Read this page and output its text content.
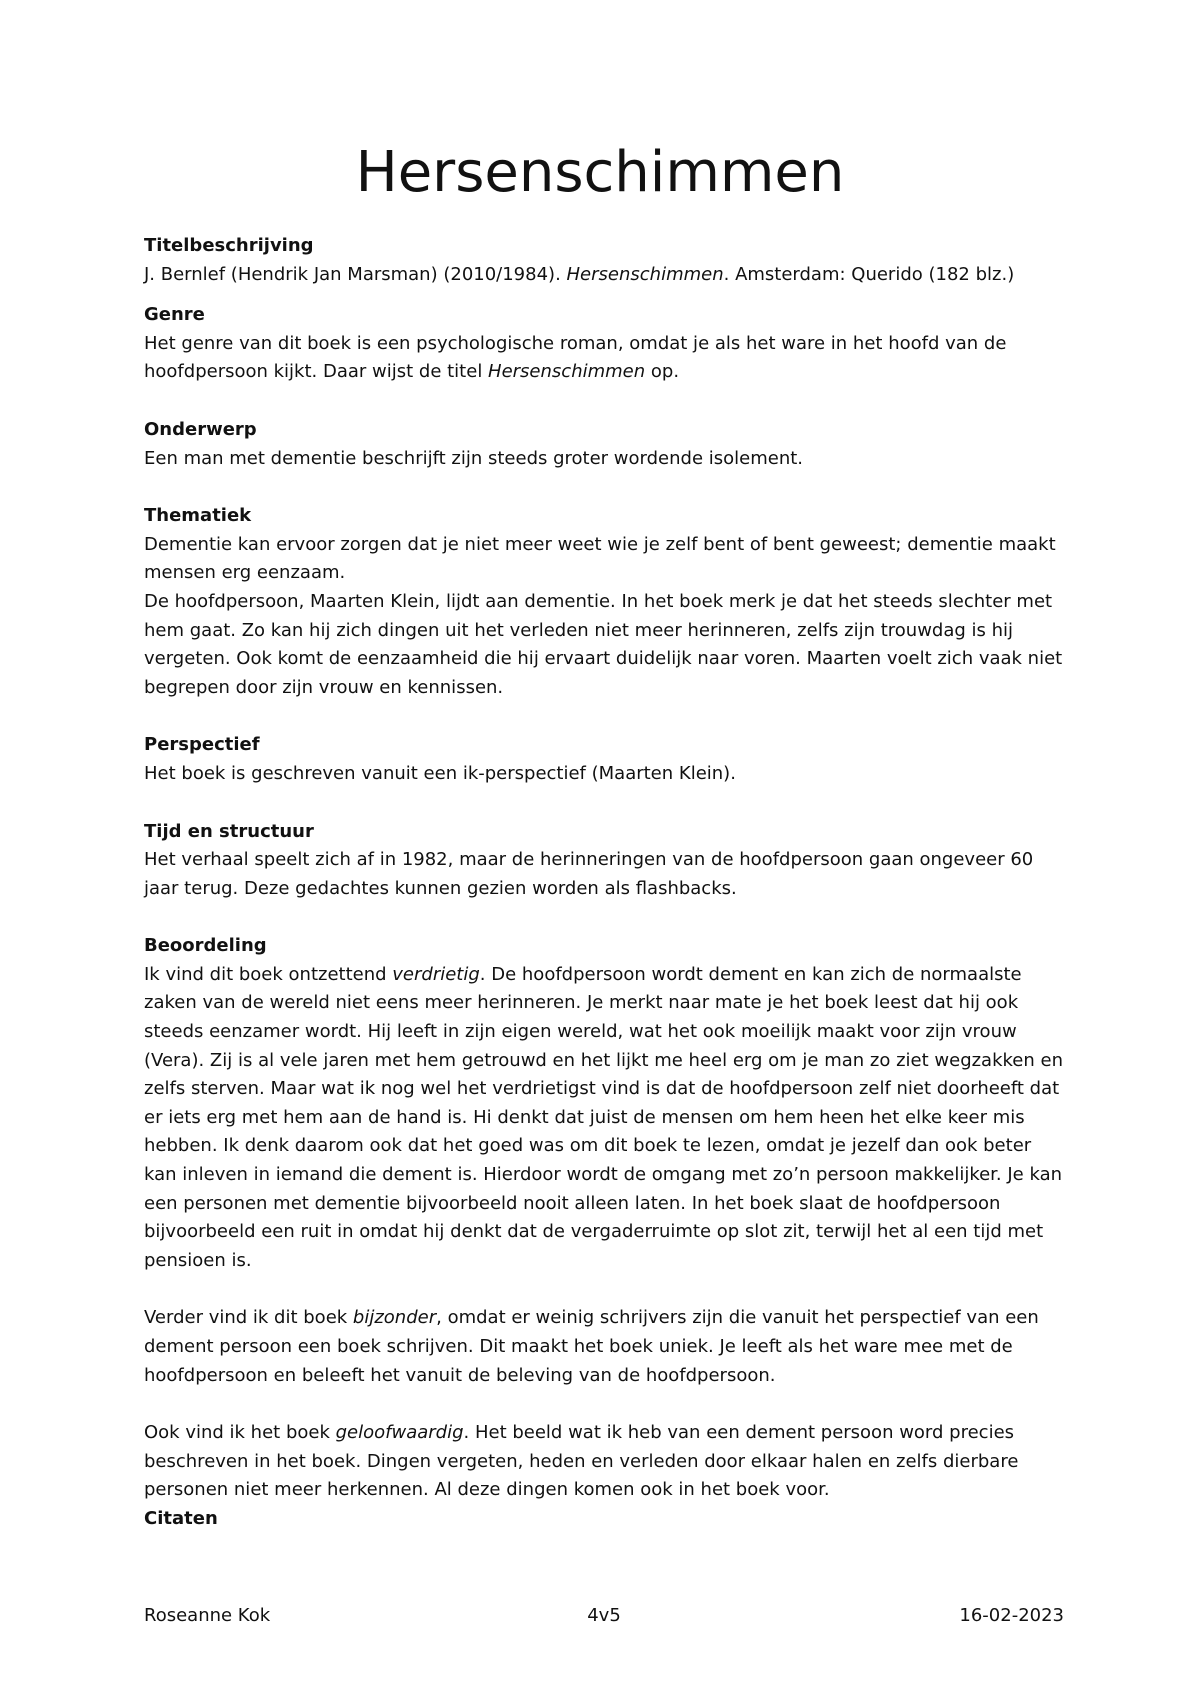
Hersenschimmen

Titelbeschrijving

J. Bernlef (Hendrik Jan Marsman) (2010/1984). Hersenschimmen. Amsterdam: Querido (182 blz.)

Genre

Het genre van dit boek is een psychologische roman, omdat je als het ware in het hoofd van de hoofdpersoon kijkt. Daar wijst de titel Hersenschimmen op.

Onderwerp

Een man met dementie beschrijft zijn steeds groter wordende isolement.

Thematiek

Dementie kan ervoor zorgen dat je niet meer weet wie je zelf bent of bent geweest; dementie maakt mensen erg eenzaam.

De hoofdpersoon, Maarten Klein, lijdt aan dementie. In het boek merk je dat het steeds slechter met hem gaat. Zo kan hij zich dingen uit het verleden niet meer herinneren, zelfs zijn trouwdag is hij vergeten. Ook komt de eenzaamheid die hij ervaart duidelijk naar voren. Maarten voelt zich vaak niet begrepen door zijn vrouw en kennissen.

Perspectief

Het boek is geschreven vanuit een ik-perspectief (Maarten Klein).

Tijd en structuur

Het verhaal speelt zich af in 1982, maar de herinneringen van de hoofdpersoon gaan ongeveer 60 jaar terug. Deze gedachtes kunnen gezien worden als flashbacks.

Beoordeling

Ik vind dit boek ontzettend verdrietig. De hoofdpersoon wordt dement en kan zich de normaalste zaken van de wereld niet eens meer herinneren. Je merkt naar mate je het boek leest dat hij ook steeds eenzamer wordt. Hij leeft in zijn eigen wereld, wat het ook moeilijk maakt voor zijn vrouw (Vera). Zij is al vele jaren met hem getrouwd en het lijkt me heel erg om je man zo ziet wegzakken en zelfs sterven. Maar wat ik nog wel het verdrietigst vind is dat de hoofdpersoon zelf niet doorheeft dat er iets erg met hem aan de hand is. Hi denkt dat juist de mensen om hem heen het elke keer mis hebben. Ik denk daarom ook dat het goed was om dit boek te lezen, omdat je jezelf dan ook beter kan inleven in iemand die dement is. Hierdoor wordt de omgang met zo’n persoon makkelijker. Je kan een personen met dementie bijvoorbeeld nooit alleen laten. In het boek slaat de hoofdpersoon bijvoorbeeld een ruit in omdat hij denkt dat de vergaderruimte op slot zit, terwijl het al een tijd met pensioen is.

Verder vind ik dit boek bijzonder, omdat er weinig schrijvers zijn die vanuit het perspectief van een dement persoon een boek schrijven. Dit maakt het boek uniek. Je leeft als het ware mee met de hoofdpersoon en beleeft het vanuit de beleving van de hoofdpersoon.

Ook vind ik het boek geloofwaardig. Het beeld wat ik heb van een dement persoon word precies beschreven in het boek. Dingen vergeten, heden en verleden door elkaar halen en zelfs dierbare personen niet meer herkennen. Al deze dingen komen ook in het boek voor.

Citaten

4v5
Roseanne Kok	16-02-2023
